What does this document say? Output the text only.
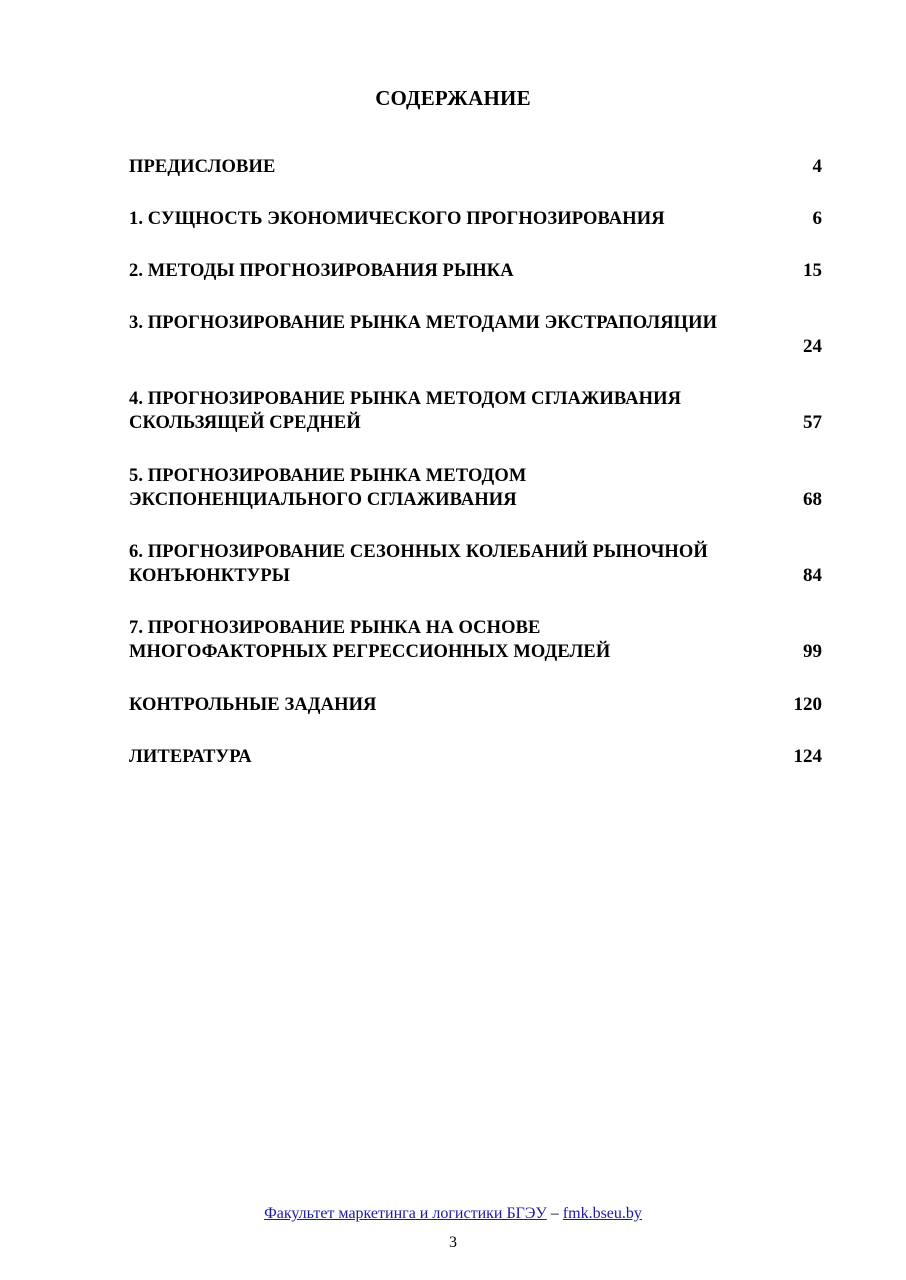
СОДЕРЖАНИЕ
ПРЕДИСЛОВИЕ	4
1. СУЩНОСТЬ ЭКОНОМИЧЕСКОГО ПРОГНОЗИРОВАНИЯ	6
2. МЕТОДЫ ПРОГНОЗИРОВАНИЯ РЫНКА	15
3. ПРОГНОЗИРОВАНИЕ РЫНКА МЕТОДАМИ ЭКСТРАПОЛЯЦИИ
24
4. ПРОГНОЗИРОВАНИЕ РЫНКА МЕТОДОМ СГЛАЖИВАНИЯ
СКОЛЬЗЯЩЕЙ СРЕДНЕЙ	57
5. ПРОГНОЗИРОВАНИЕ РЫНКА МЕТОДОМ
ЭКСПОНЕНЦИАЛЬНОГО СГЛАЖИВАНИЯ	68
6. ПРОГНОЗИРОВАНИЕ СЕЗОННЫХ КОЛЕБАНИЙ РЫНОЧНОЙ
КОНЪЮНКТУРЫ	84
7. ПРОГНОЗИРОВАНИЕ РЫНКА НА ОСНОВЕ
МНОГОФАКТОРНЫХ РЕГРЕССИОННЫХ МОДЕЛЕЙ	99
КОНТРОЛЬНЫЕ ЗАДАНИЯ	120
ЛИТЕРАТУРА	124
Факультет маркетинга и логистики БГЭУ – fmk.bseu.by
3
